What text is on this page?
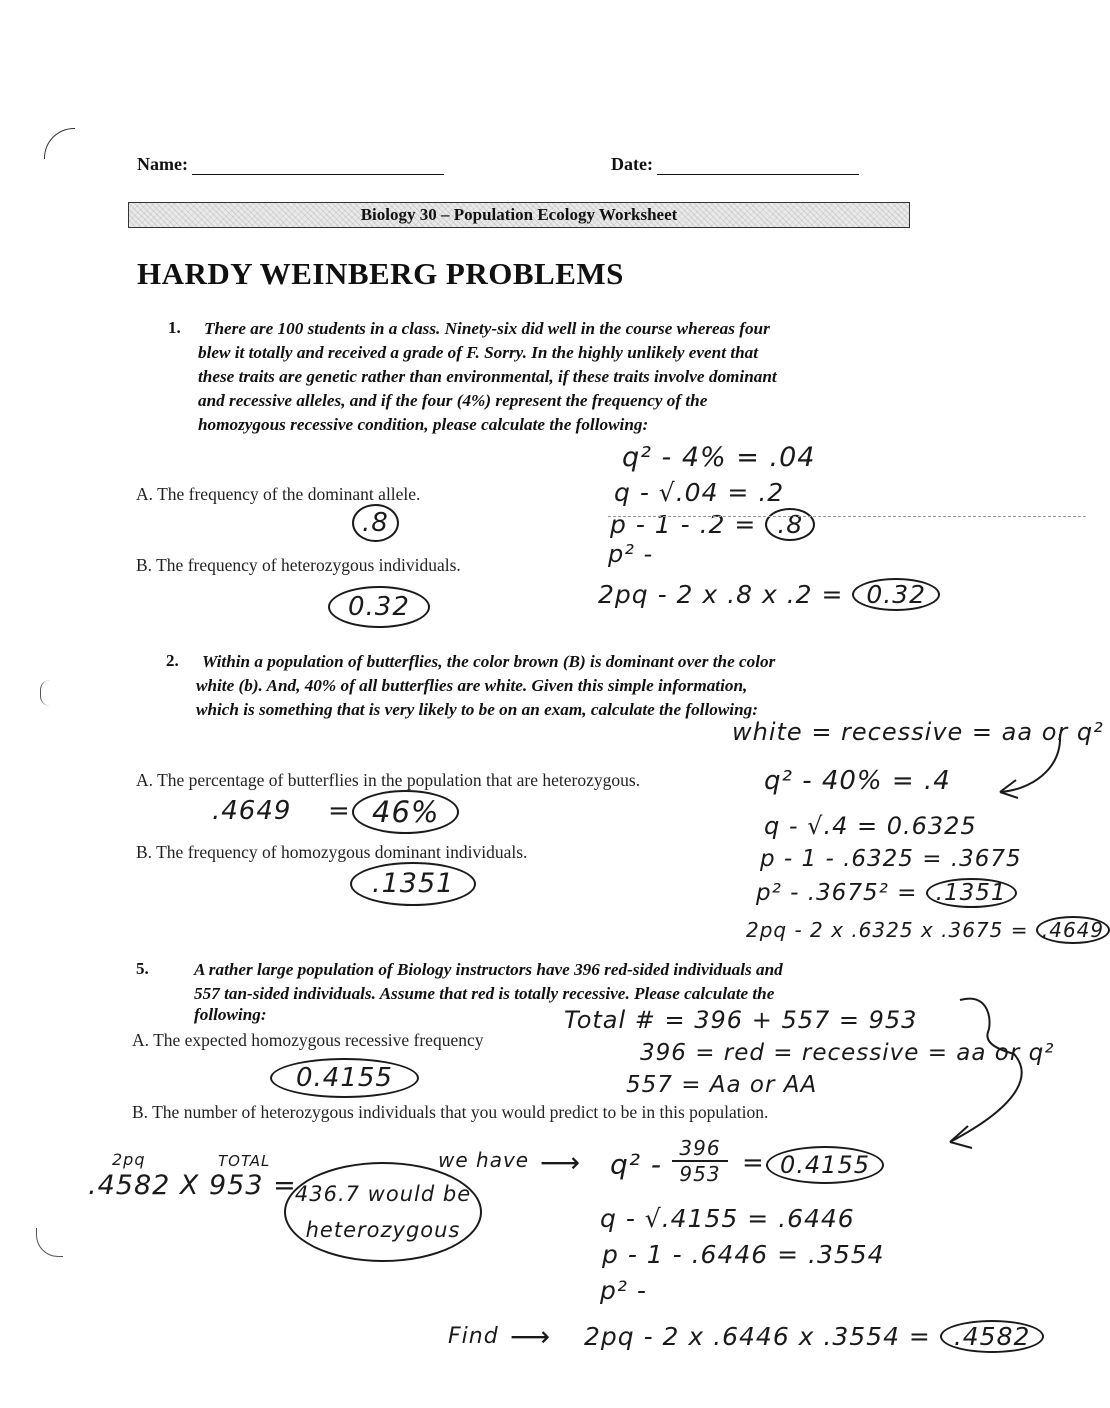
Name:	Date:
Biology 30 – Population Ecology Worksheet
HARDY WEINBERG PROBLEMS
1.	There are 100 students in a class. Ninety-six did well in the course whereas four
blew it totally and received a grade of F. Sorry. In the highly unlikely event that
these traits are genetic rather than environmental, if these traits involve dominant
and recessive alleles, and if the four (4%) represent the frequency of the
homozygous recessive condition, please calculate the following:
A. The frequency of the dominant allele.
.8
B. The frequency of heterozygous individuals.
0.32
q² - 4% = .04
q - √.04 = .2
p - 1 - .2 = .8
p² -
2pq - 2 x .8 x .2 = 0.32
2.	Within a population of butterflies, the color brown (B) is dominant over the color
white (b). And, 40% of all butterflies are white. Given this simple information,
which is something that is very likely to be on an exam, calculate the following:
white = recessive = aa or q²
A. The percentage of butterflies in the population that are heterozygous.
.4649 = 46%
B. The frequency of homozygous dominant individuals.
.1351
q² - 40% = .4
q - √.4 = 0.6325
p - 1 - .6325 = .3675
p² - .3675² = .1351
2pq - 2 x .6325 x .3675 = .4649
5.	A rather large population of Biology instructors have 396 red-sided individuals and
557 tan-sided individuals. Assume that red is totally recessive. Please calculate the
following:	Total # = 396 + 557 = 953
A. The expected homozygous recessive frequency
0.4155
396 = red = recessive = aa or q²
557 = Aa or AA
B. The number of heterozygous individuals that you would predict to be in this population.
2pq	TOTAL
.4582 X 953 =
436.7 would be heterozygous
we have ⟶ q² - 396
953 = 0.4155
q - √.4155 = .6446
p - 1 - .6446 = .3554
p² -
Find ⟶ 2pq - 2 x .6446 x .3554 = .4582
